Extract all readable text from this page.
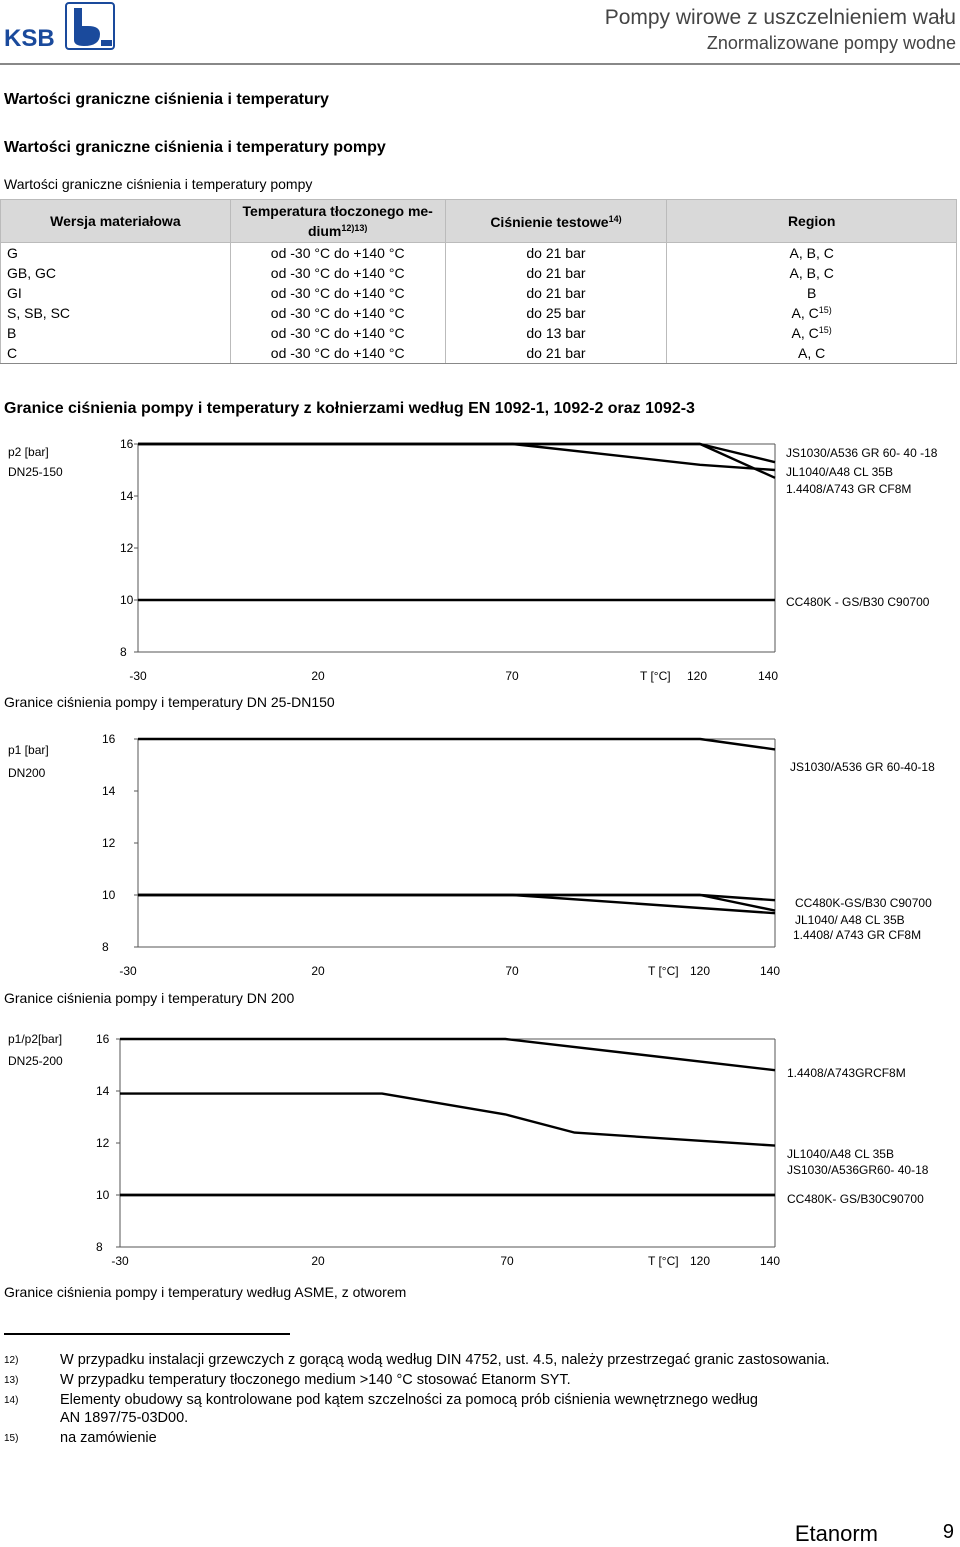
KSB
Pompy wirowe z uszczelnieniem wału
Znormalizowane pompy wodne
Wartości graniczne ciśnienia i temperatury
Wartości graniczne ciśnienia i temperatury pompy
Wartości graniczne ciśnienia i temperatury pompy
Wersja materiałowa	Temperatura tłoczonego me-
dium$^{12)13)}$	Ciśnienie testowe$^{14)}$	Region
G	od -30 °C do +140 °C	do 21 bar	A, B, C
GB, GC	od -30 °C do +140 °C	do 21 bar	A, B, C
GI	od -30 °C do +140 °C	do 21 bar	B
S, SB, SC	od -30 °C do +140 °C	do 25 bar	A, $C^{15)}$
B	od -30 °C do +140 °C	do 13 bar	A, $C^{15)}$
C	od -30 °C do +140 °C	do 21 bar	A, C
Granice ciśnienia pompy i temperatury z kołnierzami według EN 1092-1, 1092-2 oraz 1092-3
16
14
12
10
8
p2 [bar]
DN25-150
-30	20	70	120	140
T [°C]
JS1030/A536 GR 60- 40 -18
JL1040/A48 CL 35B
1.4408/A743 GR CF8M
CC480K - GS/B30 C90700
Granice ciśnienia pompy i temperatury DN 25-DN150
16
14
12
10
8
p1 [bar]
DN200
-30	20	70	120	140
T [°C]
JS1030/A536 GR 60-40-18
CC480K-GS/B30 C90700
JL1040/ A48 CL 35B
1.4408/ A743 GR CF8M
Granice ciśnienia pompy i temperatury DN 200
16
14
12
10
8
p1/p2[bar]
DN25-200
-30	20	70	120	140
T [°C]
1.4408/A743GRCF8M
JL1040/A48 CL 35B
JS1030/A536GR60- 40-18
CC480K- GS/B30C90700
Granice ciśnienia pompy i temperatury według ASME, z otworem
12)	W przypadku instalacji grzewczych z gorącą wodą według DIN 4752, ust. 4.5, należy przestrzegać granic zastosowania.
13)	W przypadku temperatury tłoczonego medium >140 °C stosować Etanorm SYT.
14)	Elementy obudowy są kontrolowane pod kątem szczelności za pomocą prób ciśnienia wewnętrznego według
AN 1897/75-03D00.
15)	na zamówienie
Etanorm	9
